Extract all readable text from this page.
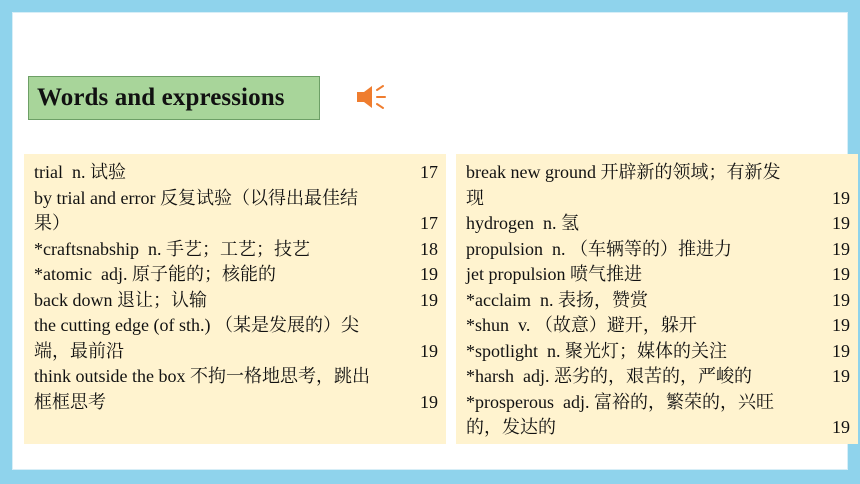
Words and expressions
trial  n. 试验	17
by trial and error 反复试验（以得出最佳结
果）	17
*craftsnabship  n. 手艺；工艺；技艺	18
*atomic  adj. 原子能的；核能的	19
back down 退让；认输	19
the cutting edge (of sth.) （某是发展的）尖
端，最前沿	19
think outside the box 不拘一格地思考，跳出
框框思考	19
break new ground 开辟新的领域；有新发
现	19
hydrogen  n. 氢	19
propulsion  n. （车辆等的）推进力	19
jet propulsion 喷气推进	19
*acclaim  n. 表扬，赞赏	19
*shun  v. （故意）避开，躲开	19
*spotlight  n. 聚光灯；媒体的关注	19
*harsh  adj. 恶劣的，艰苦的，严峻的	19
*prosperous  adj. 富裕的，繁荣的，兴旺
的，发达的	19
